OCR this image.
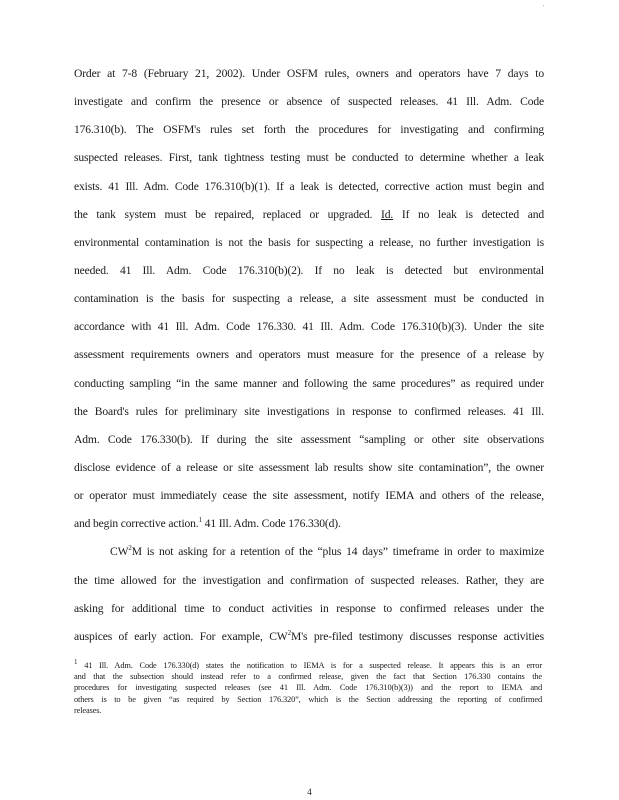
'
Order at 7-8 (February 21, 2002). Under OSFM rules, owners and operators have 7 days to
investigate and confirm the presence or absence of suspected releases. 41 Ill. Adm. Code
176.310(b). The OSFM's rules set forth the procedures for investigating and confirming
suspected releases. First, tank tightness testing must be conducted to determine whether a leak
exists. 41 Ill. Adm. Code 176.310(b)(1). If a leak is detected, corrective action must begin and
the tank system must be repaired, replaced or upgraded. Id. If no leak is detected and
environmental contamination is not the basis for suspecting a release, no further investigation is
needed. 41 Ill. Adm. Code 176.310(b)(2). If no leak is detected but environmental
contamination is the basis for suspecting a release, a site assessment must be conducted in
accordance with 41 Ill. Adm. Code 176.330. 41 Ill. Adm. Code 176.310(b)(3). Under the site
assessment requirements owners and operators must measure for the presence of a release by
conducting sampling “in the same manner and following the same procedures” as required under
the Board's rules for preliminary site investigations in response to confirmed releases. 41 Ill.
Adm. Code 176.330(b). If during the site assessment “sampling or other site observations
disclose evidence of a release or site assessment lab results show site contamination”, the owner
or operator must immediately cease the site assessment, notify IEMA and others of the release,
and begin corrective action.$^1$ 41 Ill. Adm. Code 176.330(d).
$CW^2M$ is not asking for a retention of the “plus 14 days” timeframe in order to maximize
the time allowed for the investigation and confirmation of suspected releases. Rather, they are
asking for additional time to conduct activities in response to confirmed releases under the
auspices of early action. For example, $CW^2M's$ pre-filed testimony discusses response activities
$^1$ 41 Ill. Adm. Code 176.330(d) states the notification to IEMA is for a suspected release. It appears this is an error
and that the subsection should instead refer to a confirmed release, given the fact that Section 176.330 contains the
procedures for investigating suspected releases (see 41 Ill. Adm. Code 176.310(b)(3)) and the report to IEMA and
others is to be given “as required by Section 176.320”, which is the Section addressing the reporting of confirmed
releases.
4
